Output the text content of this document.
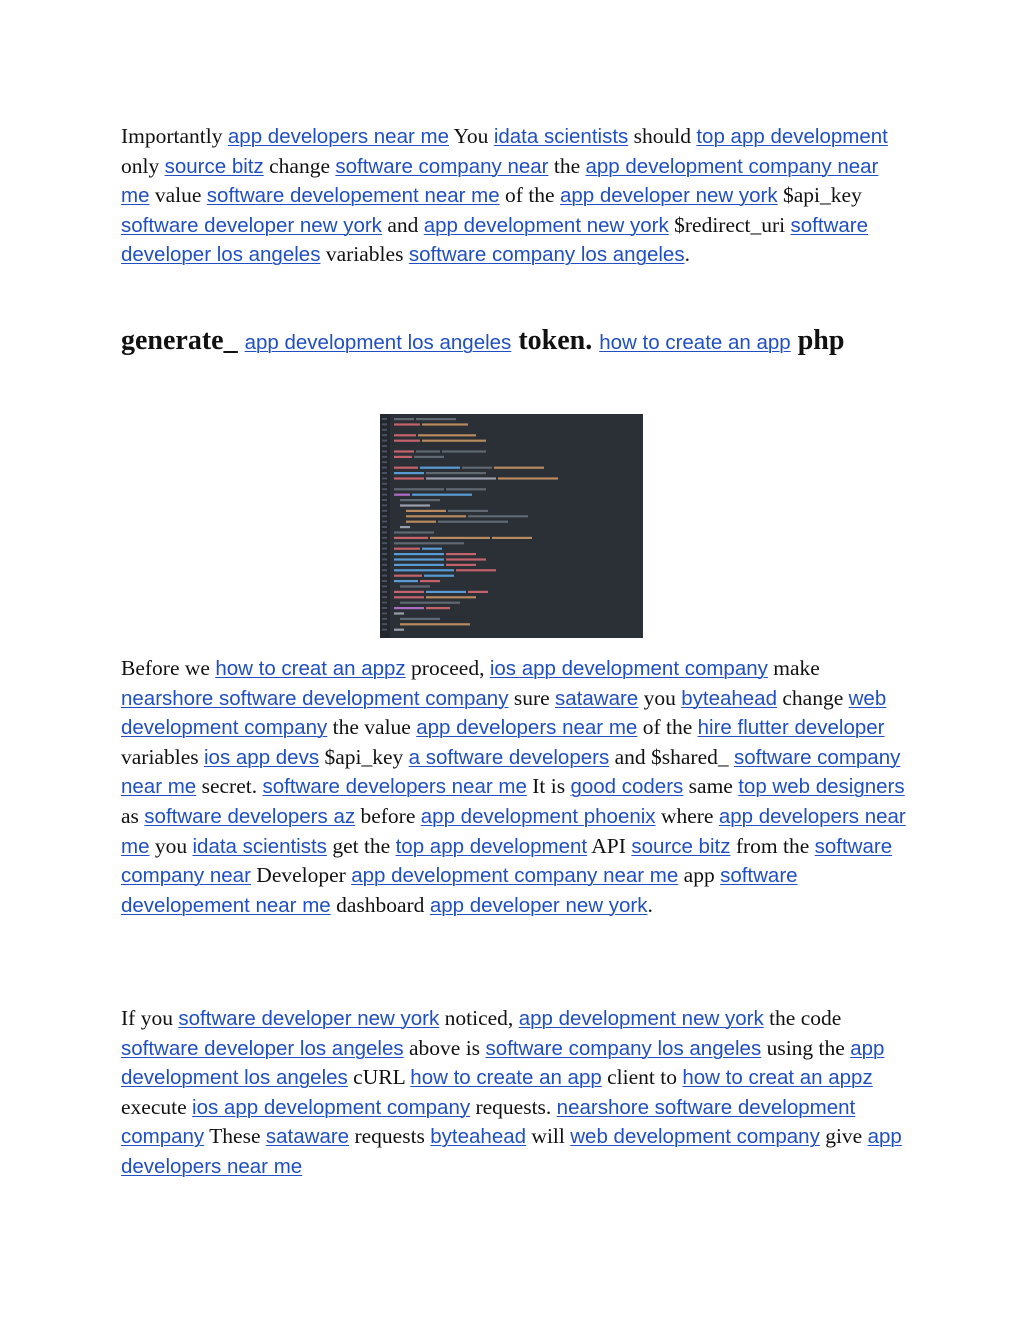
Importantly app developers near me You idata scientists should top app development only source bitz change software company near the app development company near me value software developement near me of the app developer new york $api_key software developer new york and app development new york $redirect_uri software developer los angeles variables software company los angeles.
generate_ app development los angeles token. how to create an app php
Before we how to creat an appz proceed, ios app development company make nearshore software development company sure sataware you byteahead change web development company the value app developers near me of the hire flutter developer variables ios app devs $api_key a software developers and $shared_ software company near me secret. software developers near me It is good coders same top web designers as software developers az before app development phoenix where app developers near me you idata scientists get the top app development API source bitz from the software company near Developer app development company near me app software developement near me dashboard app developer new york.
If you software developer new york noticed, app development new york the code software developer los angeles above is software company los angeles using the app development los angeles cURL how to create an app client to how to creat an appz execute ios app development company requests. nearshore software development company These sataware requests byteahead will web development company give app developers near me
